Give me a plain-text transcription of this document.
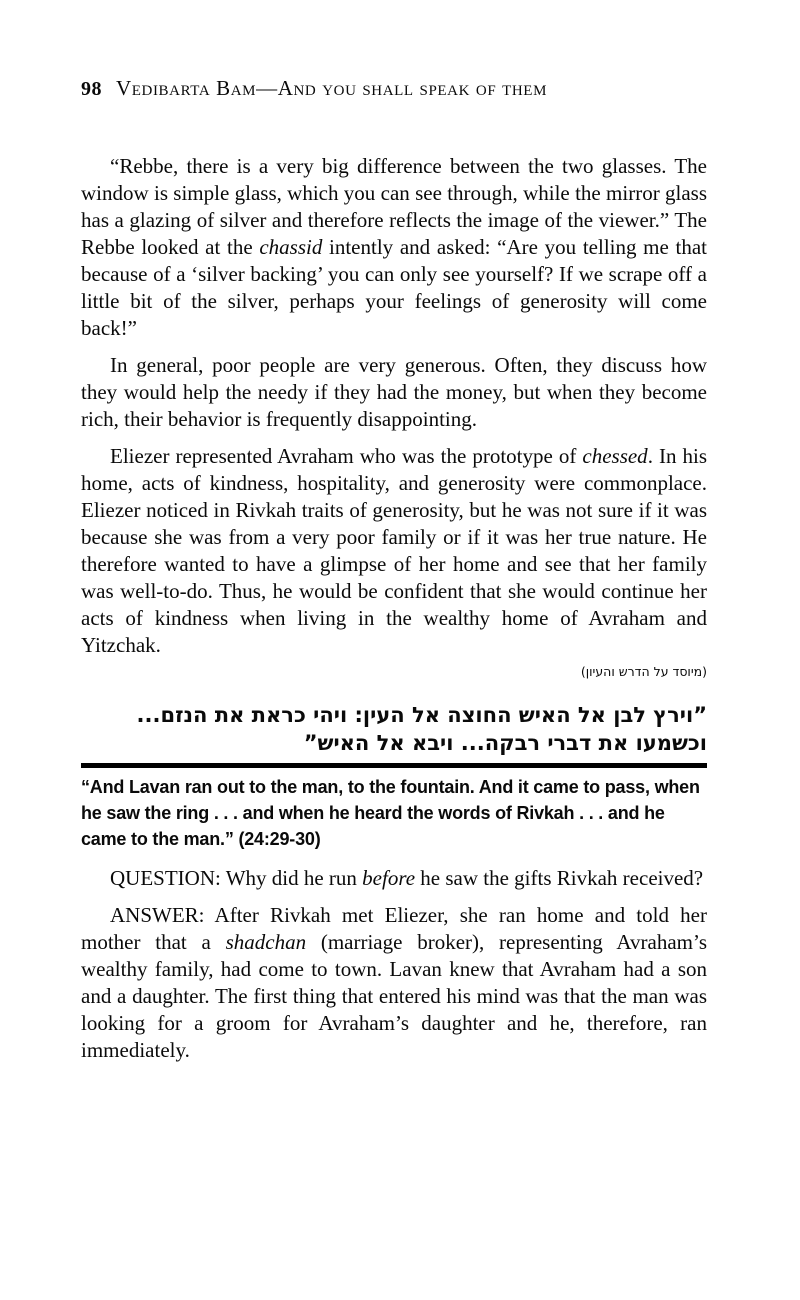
98 Vedibarta Bam—And you shall speak of them

“Rebbe, there is a very big difference between the two glasses. The window is simple glass, which you can see through, while the mirror glass has a glazing of silver and therefore reflects the image of the viewer.” The Rebbe looked at the chassid intently and asked: “Are you telling me that because of a ‘silver backing’ you can only see yourself? If we scrape off a little bit of the silver, perhaps your feelings of generosity will come back!”

In general, poor people are very generous. Often, they discuss how they would help the needy if they had the money, but when they become rich, their behavior is frequently disappointing.

Eliezer represented Avraham who was the prototype of chessed. In his home, acts of kindness, hospitality, and generosity were commonplace. Eliezer noticed in Rivkah traits of generosity, but he was not sure if it was because she was from a very poor family or if it was her true nature. He therefore wanted to have a glimpse of her home and see that her family was well-to-do. Thus, he would be confident that she would continue her acts of kindness when living in the wealthy home of Avraham and Yitzchak.

(מיוסד על הדרש והעיון)
”וירץ לבן אל האיש החוצה אל העין: ויהי כראת את הנזם...
וכשמעו את דברי רבקה... ויבא אל האיש”
“And Lavan ran out to the man, to the fountain. And it came to pass, when he saw the ring . . . and when he heard the words of Rivkah . . . and he came to the man.” (24:29-30)

QUESTION: Why did he run before he saw the gifts Rivkah received?

ANSWER: After Rivkah met Eliezer, she ran home and told her mother that a shadchan (marriage broker), representing Avraham’s wealthy family, had come to town. Lavan knew that Avraham had a son and a daughter. The first thing that entered his mind was that the man was looking for a groom for Avraham’s daughter and he, therefore, ran immediately.
